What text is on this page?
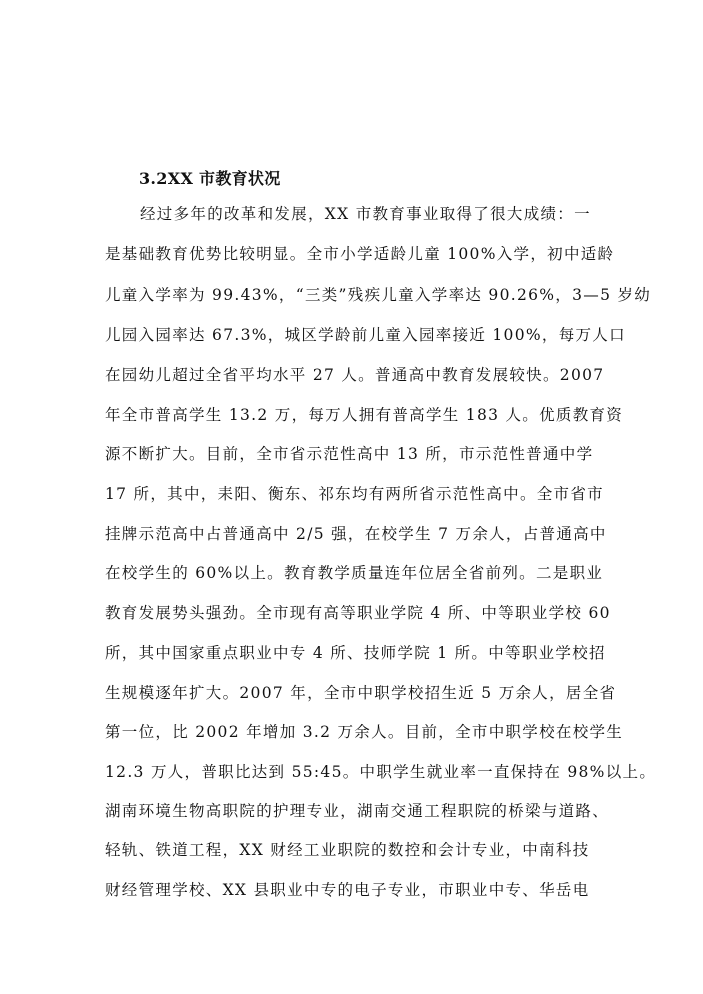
3.2XX 市教育状况
经过多年的改革和发展，XX 市教育事业取得了很大成绩：一
是基础教育优势比较明显。全市小学适龄儿童 100%入学，初中适龄
儿童入学率为 99.43%，“三类”残疾儿童入学率达 90.26%，3—5 岁幼
儿园入园率达 67.3%，城区学龄前儿童入园率接近 100%，每万人口
在园幼儿超过全省平均水平 27 人。普通高中教育发展较快。2007
年全市普高学生 13.2 万，每万人拥有普高学生 183 人。优质教育资
源不断扩大。目前，全市省示范性高中 13 所，市示范性普通中学
17 所，其中，耒阳、衡东、祁东均有两所省示范性高中。全市省市
挂牌示范高中占普通高中 2/5 强，在校学生 7 万余人，占普通高中
在校学生的 60%以上。教育教学质量连年位居全省前列。二是职业
教育发展势头强劲。全市现有高等职业学院 4 所、中等职业学校 60
所，其中国家重点职业中专 4 所、技师学院 1 所。中等职业学校招
生规模逐年扩大。2007 年，全市中职学校招生近 5 万余人，居全省
第一位，比 2002 年增加 3.2 万余人。目前，全市中职学校在校学生
12.3 万人，普职比达到 55:45。中职学生就业率一直保持在 98%以上。
湖南环境生物高职院的护理专业，湖南交通工程职院的桥梁与道路、
轻轨、铁道工程，XX 财经工业职院的数控和会计专业，中南科技
财经管理学校、XX 县职业中专的电子专业，市职业中专、华岳电
